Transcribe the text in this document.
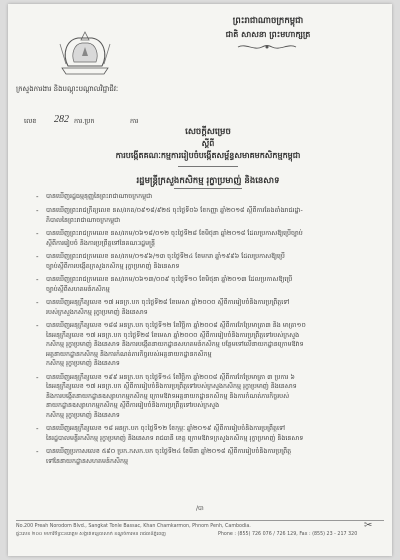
ព្រះរាជាណាចក្រកម្ពុជា
ជាតិ សាសនា ព្រះមហាក្សត្រ
ក្រសួងការងារ និងបណ្តុះបណ្តាលវិជ្ជាជីវៈ
លេខ 282 ការ.ប្រក	ការ
សេចក្តីសម្រេច
ស្តីពី
ការបង្កើតគណៈកម្មការរៀបចំបង្កើតសម្ព័ន្ធសមាគមកសិកម្មកម្ពុជា
រដ្ឋមន្ត្រីក្រសួងកសិកម្ម រុក្ខាប្រមាញ់ និងនេសាទ
-	បានឃើញរដ្ឋធម្មនុញ្ញនៃព្រះរាជាណាចក្រកម្ពុជា
-	បានឃើញព្រះរាជក្រឹត្យលេខ នស/រកត/០៩១៨/៩២៥ ចុះថ្ងៃទី០៦ ខែកញ្ញា ឆ្នាំ២០១៨ ស្តីពីការតែងតាំងរាជរដ្ឋា-
ភិបាលនៃព្រះរាជាណាចក្រកម្ពុជា
-	បានឃើញព្រះរាជក្រមលេខ នស/រកម/០៦១៨/០១២ ចុះថ្ងៃទី២៨ ខែមិថុនា ឆ្នាំ២០១៨ ដែលប្រកាសឱ្យប្រើច្បាប់
ស្តីពីការរៀបចំ និងការប្រព្រឹត្តទៅនៃគណៈរដ្ឋមន្ត្រី
-	បានឃើញព្រះរាជក្រមលេខ នស/រកម/០១៩៦/១៣ ចុះថ្ងៃទី២៤ ខែមករា ឆ្នាំ១៩៩៦ ដែលប្រកាសឱ្យប្រើ
ច្បាប់ស្តីពីការបង្កើតក្រសួងកសិកម្ម រុក្ខាប្រមាញ់ និងនេសាទ
-	បានឃើញព្រះរាជក្រមលេខ នស/រកម/០៦១៣/០០៩ ចុះថ្ងៃទី១០ ខែមិថុនា ឆ្នាំ២០១៣ ដែលប្រកាសឱ្យប្រើ
ច្បាប់ស្តីពីសហគមន៍កសិកម្ម
-	បានឃើញអនុក្រឹត្យលេខ ១៧ អនក្រ.បក ចុះថ្ងៃទី២៨ ខែមេសា ឆ្នាំ២០០០ ស្តីពីការរៀបចំនិងការប្រព្រឹត្តទៅ
របស់ក្រសួងកសិកម្ម រុក្ខាប្រមាញ់ និងនេសាទ
-	បានឃើញអនុក្រឹត្យលេខ ១៨៨ អនក្រ.បក ចុះថ្ងៃទី១២ ខែវិច្ឆិកា ឆ្នាំ២០០៨ ស្តីពីការកែប្រែមាត្រា៣ និង មាត្រា១០
នៃអនុក្រឹត្យលេខ ១៧ អនក្រ.បក ចុះថ្ងៃទី២៨ ខែមេសា ឆ្នាំ២០០០ ស្តីពីការរៀបចំនិងការប្រព្រឹត្តទៅរបស់ក្រសួង
កសិកម្ម រុក្ខាប្រមាញ់ និងនេសាទ និងការបង្កើតនាយកដ្ឋានសហគមន៍កសិកម្ម បន្ថែមទៅលើនាយកដ្ឋានក្រោមឱវាទ
អគ្គនាយកដ្ឋានកសិកម្ម និងការកំណត់ភារកិច្ចរបស់អគ្គនាយកដ្ឋានកសិកម្ម
កសិកម្ម រុក្ខាប្រមាញ់ និងនេសាទ
-	បានឃើញអនុក្រឹត្យលេខ ១៩៩ អនក្រ.បក ចុះថ្ងៃទី១៤ ខែវិច្ឆិកា ឆ្នាំ២០០៨ ស្តីពីការកែប្រែមាត្រា ៣ ប្រការ ៦
នៃអនុក្រឹត្យលេខ ១៧ អនក្រ.បក ស្តីពីការរៀបចំនិងការប្រព្រឹត្តទៅរបស់ក្រសួងកសិកម្ម រុក្ខាប្រមាញ់ និងនេសាទ
និងការបង្កើតនាយកដ្ឋានឧស្សាហកម្មកសិកម្ម ក្រោមឱវាទអគ្គនាយកដ្ឋានកសិកម្ម និងការកំណត់ភារកិច្ចរបស់
នាយកដ្ឋានឧស្សាហកម្មកសិកម្ម ស្តីពីការរៀបចំនិងការប្រព្រឹត្តទៅរបស់ក្រសួង
កសិកម្ម រុក្ខាប្រមាញ់ និងនេសាទ
-	បានឃើញអនុក្រឹត្យលេខ ១៨ អនក្រ.បក ចុះថ្ងៃទី១២ ខែកុម្ភៈ ឆ្នាំ២០១៩ ស្តីពីការរៀបចំនិងការប្រព្រឹត្តទៅ
នៃរដ្ឋបាលមន្ទីរកសិកម្ម រុក្ខាប្រមាញ់ និងនេសាទ រាជធានី ខេត្ត ក្រោមឱវាទក្រសួងកសិកម្ម រុក្ខាប្រមាញ់ និងនេសាទ
-	បានឃើញប្រកាសលេខ ៥៩០ ប្រក.កសក.បក ចុះថ្ងៃទី២៤ ខែមីនា ឆ្នាំ២០១៨ ស្តីពីការរៀបចំនិងការប្រព្រឹត្ត
ទៅនៃនាយកដ្ឋានសហគមន៍កសិកម្ម
/បា
No.200 Preah Norodom Blvd., Sangkat Tonle Bassac, Khan Chamkarmon, Phnom Penh, Cambodia.
ផ្ទះលេខ ២០០ មហាវិថីព្រះនរោត្តម សង្កាត់ទន្លេបាសាក់ ខណ្ឌចំការមន រាជធានីភ្នំពេញ	Phone : (855) 726 076 / 726 129, Fax : (855) 23 - 217 320
✂
